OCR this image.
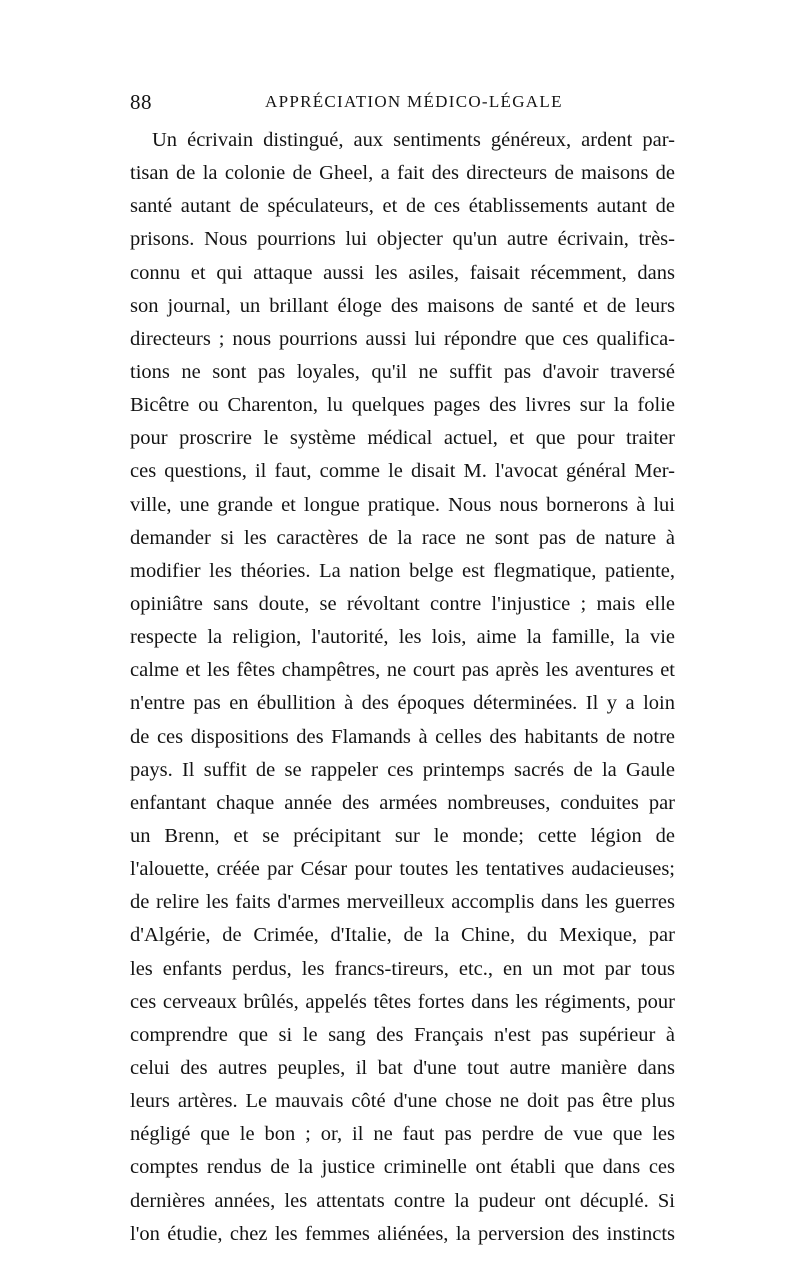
88	APPRÉCIATION MÉDICO-LÉGALE
Un écrivain distingué, aux sentiments généreux, ardent par-
tisan de la colonie de Gheel, a fait des directeurs de maisons de
santé autant de spéculateurs, et de ces établissements autant de
prisons. Nous pourrions lui objecter qu'un autre écrivain, très-
connu et qui attaque aussi les asiles, faisait récemment, dans
son journal, un brillant éloge des maisons de santé et de leurs
directeurs ; nous pourrions aussi lui répondre que ces qualifica-
tions ne sont pas loyales, qu'il ne suffit pas d'avoir traversé
Bicêtre ou Charenton, lu quelques pages des livres sur la folie
pour proscrire le système médical actuel, et que pour traiter
ces questions, il faut, comme le disait M. l'avocat général Mer-
ville, une grande et longue pratique. Nous nous bornerons à lui
demander si les caractères de la race ne sont pas de nature à
modifier les théories. La nation belge est flegmatique, patiente,
opiniâtre sans doute, se révoltant contre l'injustice ; mais elle
respecte la religion, l'autorité, les lois, aime la famille, la vie
calme et les fêtes champêtres, ne court pas après les aventures et
n'entre pas en ébullition à des époques déterminées. Il y a loin
de ces dispositions des Flamands à celles des habitants de notre
pays. Il suffit de se rappeler ces printemps sacrés de la Gaule
enfantant chaque année des armées nombreuses, conduites par
un Brenn, et se précipitant sur le monde; cette légion de
l'alouette, créée par César pour toutes les tentatives audacieuses;
de relire les faits d'armes merveilleux accomplis dans les guerres
d'Algérie, de Crimée, d'Italie, de la Chine, du Mexique, par
les enfants perdus, les francs-tireurs, etc., en un mot par tous
ces cerveaux brûlés, appelés têtes fortes dans les régiments, pour
comprendre que si le sang des Français n'est pas supérieur à
celui des autres peuples, il bat d'une tout autre manière dans
leurs artères. Le mauvais côté d'une chose ne doit pas être plus
négligé que le bon ; or, il ne faut pas perdre de vue que les
comptes rendus de la justice criminelle ont établi que dans ces
dernières années, les attentats contre la pudeur ont décuplé. Si
l'on étudie, chez les femmes aliénées, la perversion des instincts
